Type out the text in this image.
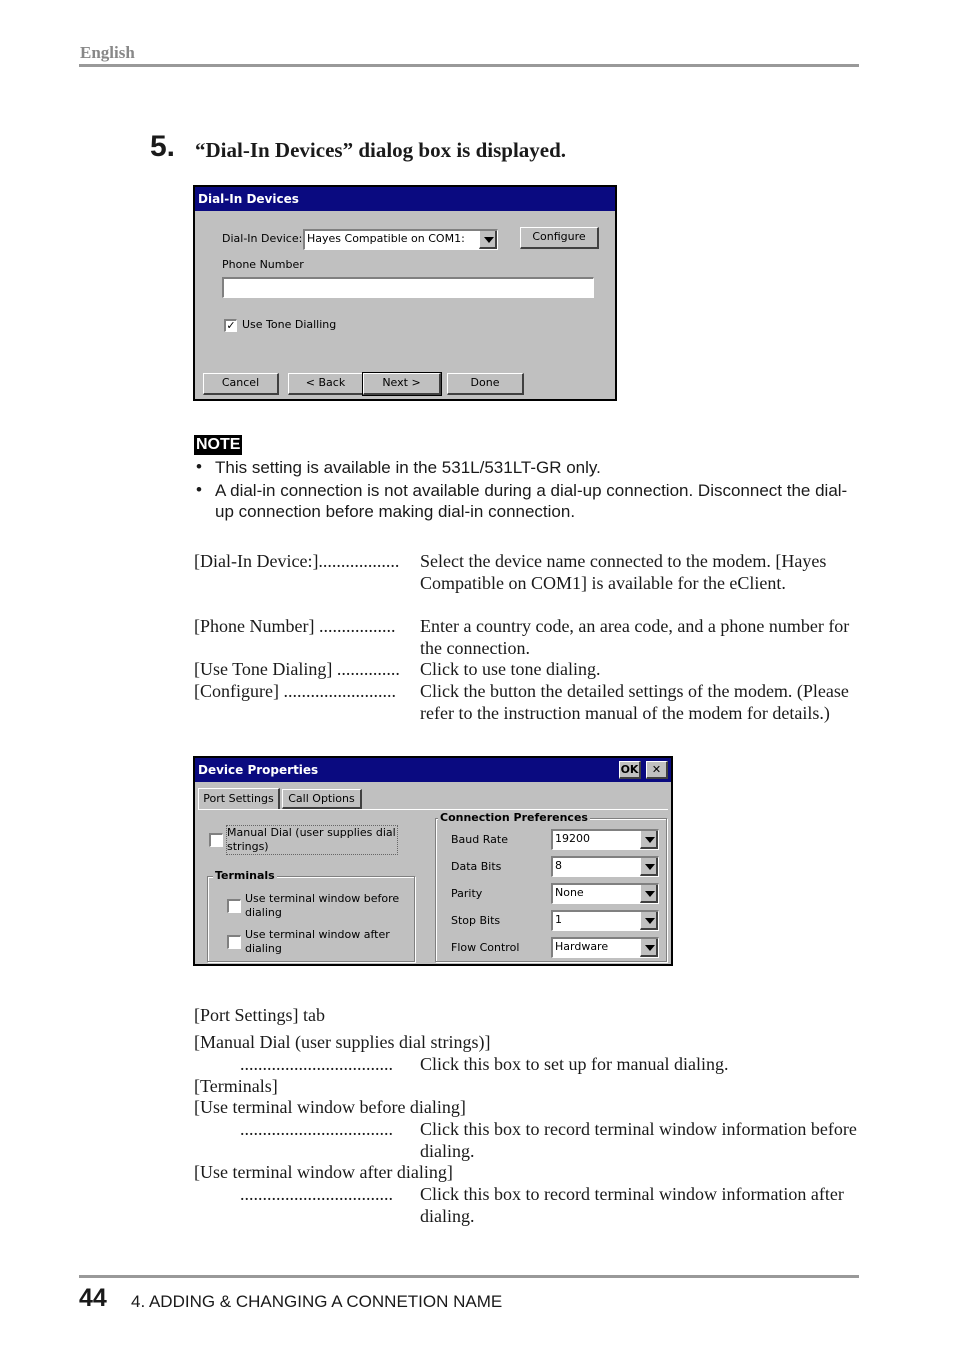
English
5. “Dial-In Devices” dialog box is displayed.
Dial-In Devices
Dial-In Device: Hayes Compatible on COM1:	Configure
Phone Number
✓ Use Tone Dialling
Cancel	< Back	Next >	Done
NOTE
• This setting is available in the 531L/531LT-GR only.
• A dial-in connection is not available during a dial-up connection. Disconnect the dial-up connection before making dial-in connection.
[Dial-In Device:].................. Select the device name connected to the modem. [Hayes Compatible on COM1] is available for the eClient.
[Phone Number] ................. Enter a country code, an area code, and a phone number for the connection.
[Use Tone Dialing] .............. Click to use tone dialing.
[Configure] ......................... Click the button the detailed settings of the modem. (Please refer to the instruction manual of the modem for details.)
Device Properties	OK	✕
Port Settings	Call Options
Manual Dial (user supplies dial strings)
Terminals
Use terminal window before dialing
Use terminal window after dialing
Connection Preferences
Baud Rate	19200
Data Bits	8
Parity	None
Stop Bits	1
Flow Control	Hardware
[Port Settings] tab
[Manual Dial (user supplies dial strings)]
.................................. Click this box to set up for manual dialing.
[Terminals]
[Use terminal window before dialing]
.................................. Click this box to record terminal window information before dialing.
[Use terminal window after dialing]
.................................. Click this box to record terminal window information after dialing.
44 4. ADDING & CHANGING A CONNETION NAME
